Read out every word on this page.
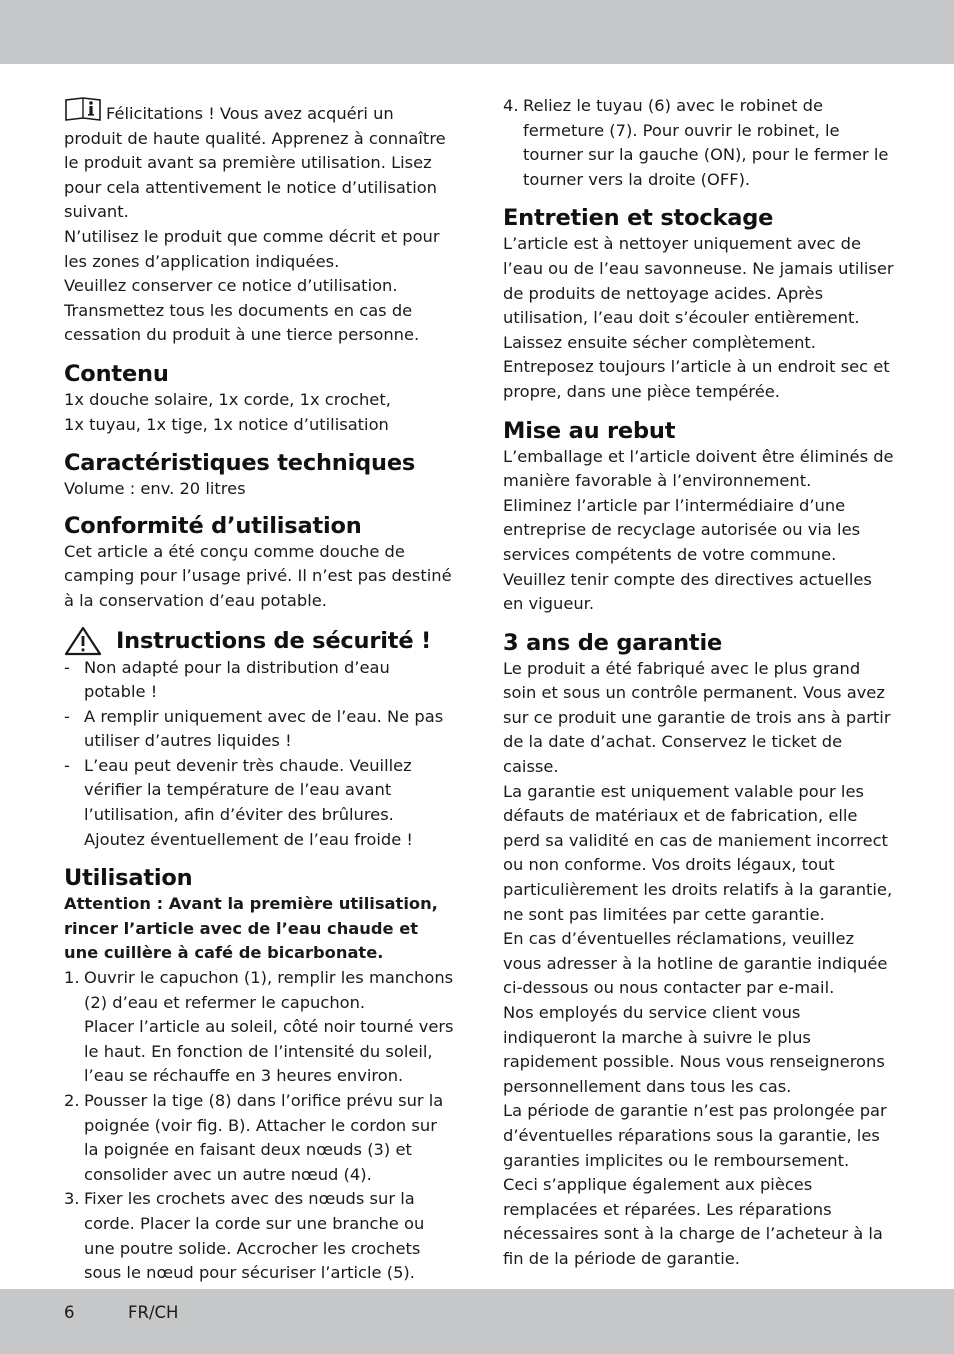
Félicitations ! Vous avez acquéri un produit de haute qualité. Apprenez à connaître le produit avant sa première utilisation. Lisez pour cela attentivement le notice d’utilisation suivant.

N’utilisez le produit que comme décrit et pour les zones d’application indiquées.

Veuillez conserver ce notice d’utilisation. Transmettez tous les documents en cas de cessation du produit à une tierce personne.

Contenu

1x douche solaire, 1x corde, 1x crochet,

1x tuyau, 1x tige, 1x notice d’utilisation

Caractéristiques techniques

Volume : env. 20 litres

Conformité d’utilisation

Cet article a été conçu comme douche de camping pour l’usage privé. Il n’est pas destiné à la conservation d’eau potable.

Instructions de sécurité !
- Non adapté pour la distribution d’eau potable !
- A remplir uniquement avec de l’eau. Ne pas utiliser d’autres liquides !
- L’eau peut devenir très chaude. Veuillez vérifier la température de l’eau avant l’utilisation, afin d’éviter des brûlures. Ajoutez éventuellement de l’eau froide !
Utilisation

Attention : Avant la première utilisation, rincer l’article avec de l’eau chaude et une cuillère à café de bicarbonate.

1. Ouvrir le capuchon (1), remplir les manchons (2) d’eau et refermer le capuchon.
Placer l’article au soleil, côté noir tourné vers le haut. En fonction de l’intensité du soleil, l’eau se réchauffe en 3 heures environ.
2. Pousser la tige (8) dans l’orifice prévu sur la poignée (voir fig. B). Attacher le cordon sur la poignée en faisant deux nœuds (3) et consolider avec un autre nœud (4).
3. Fixer les crochets avec des nœuds sur la corde. Placer la corde sur une branche ou une poutre solide. Accrocher les crochets sous le nœud pour sécuriser l’article (5).
4. Reliez le tuyau (6) avec le robinet de fermeture (7). Pour ouvrir le robinet, le tourner sur la gauche (ON), pour le fermer le tourner vers la droite (OFF).
Entretien et stockage

L’article est à nettoyer uniquement avec de l’eau ou de l’eau savonneuse. Ne jamais utiliser de produits de nettoyage acides. Après utilisation, l’eau doit s’écouler entièrement. Laissez ensuite sécher complètement. Entreposez toujours l’article à un endroit sec et propre, dans une pièce tempérée.

Mise au rebut

L’emballage et l’article doivent être éliminés de manière favorable à l’environnement.

Eliminez l’article par l’intermédiaire d’une entreprise de recyclage autorisée ou via les services compétents de votre commune. Veuillez tenir compte des directives actuelles en vigueur.

3 ans de garantie

Le produit a été fabriqué avec le plus grand soin et sous un contrôle permanent. Vous avez sur ce produit une garantie de trois ans à partir de la date d’achat. Conservez le ticket de caisse.

La garantie est uniquement valable pour les défauts de matériaux et de fabrication, elle perd sa validité en cas de maniement incorrect ou non conforme. Vos droits légaux, tout particulièrement les droits relatifs à la garantie, ne sont pas limitées par cette garantie.

En cas d’éventuelles réclamations, veuillez vous adresser à la hotline de garantie indiquée ci-dessous ou nous contacter par e-mail.

Nos employés du service client vous indiqueront la marche à suivre le plus rapidement possible. Nous vous renseignerons personnellement dans tous les cas.

La période de garantie n’est pas prolongée par d’éventuelles réparations sous la garantie, les garanties implicites ou le remboursement.

Ceci s’applique également aux pièces remplacées et réparées. Les réparations nécessaires sont à la charge de l’acheteur à la fin de la période de garantie.

6	FR/CH
